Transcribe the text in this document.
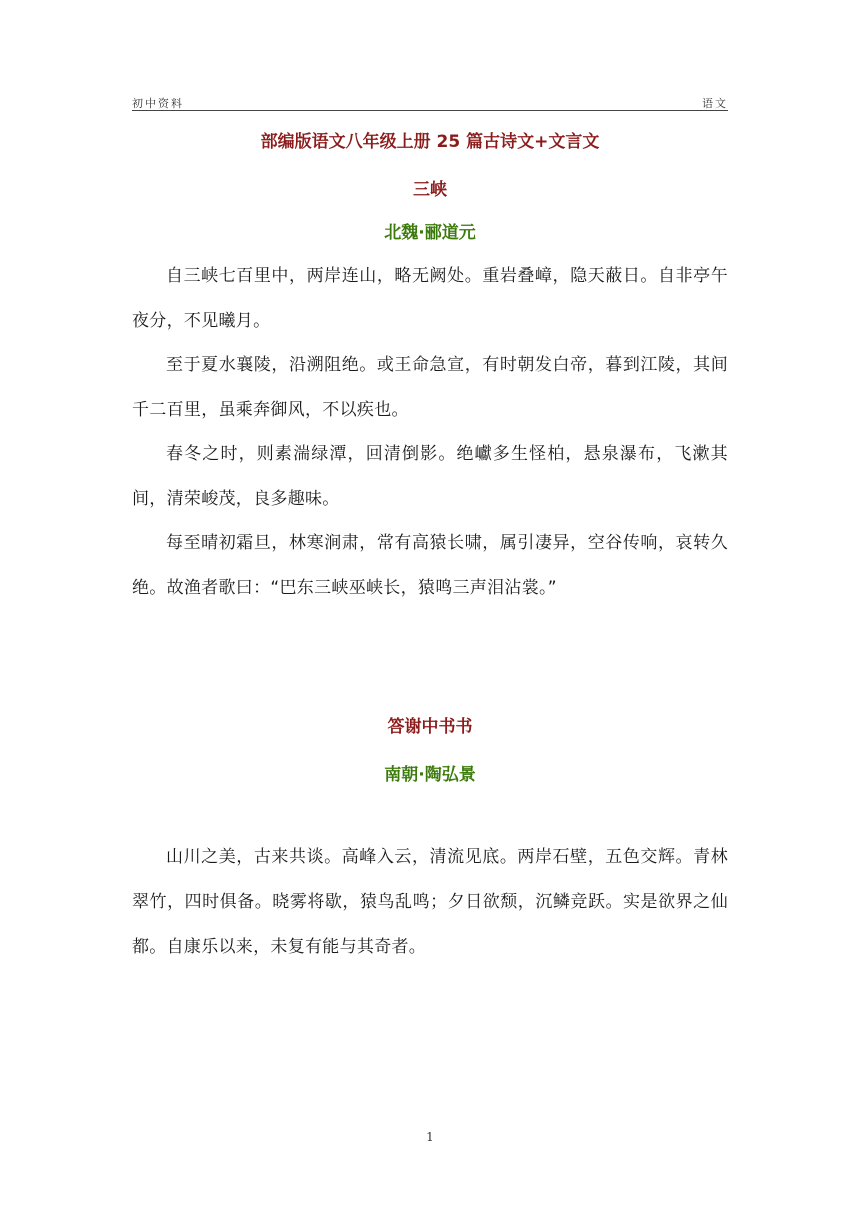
初中资料	语文
部编版语文八年级上册 25 篇古诗文+文言文
三峡
北魏·郦道元

自三峡七百里中，两岸连山，略无阙处。重岩叠嶂，隐天蔽日。自非亭午夜分，不见曦月。

至于夏水襄陵，沿溯阻绝。或王命急宣，有时朝发白帝，暮到江陵，其间千二百里，虽乘奔御风，不以疾也。

春冬之时，则素湍绿潭，回清倒影。绝巘多生怪柏，悬泉瀑布，飞漱其间，清荣峻茂，良多趣味。

每至晴初霜旦，林寒涧肃，常有高猿长啸，属引凄异，空谷传响，哀转久绝。故渔者歌曰：“巴东三峡巫峡长，猿鸣三声泪沾裳。”

答谢中书书
南朝·陶弘景

山川之美，古来共谈。高峰入云，清流见底。两岸石壁，五色交辉。青林翠竹，四时俱备。晓雾将歇，猿鸟乱鸣；夕日欲颓，沉鳞竞跃。实是欲界之仙都。自康乐以来，未复有能与其奇者。

1
